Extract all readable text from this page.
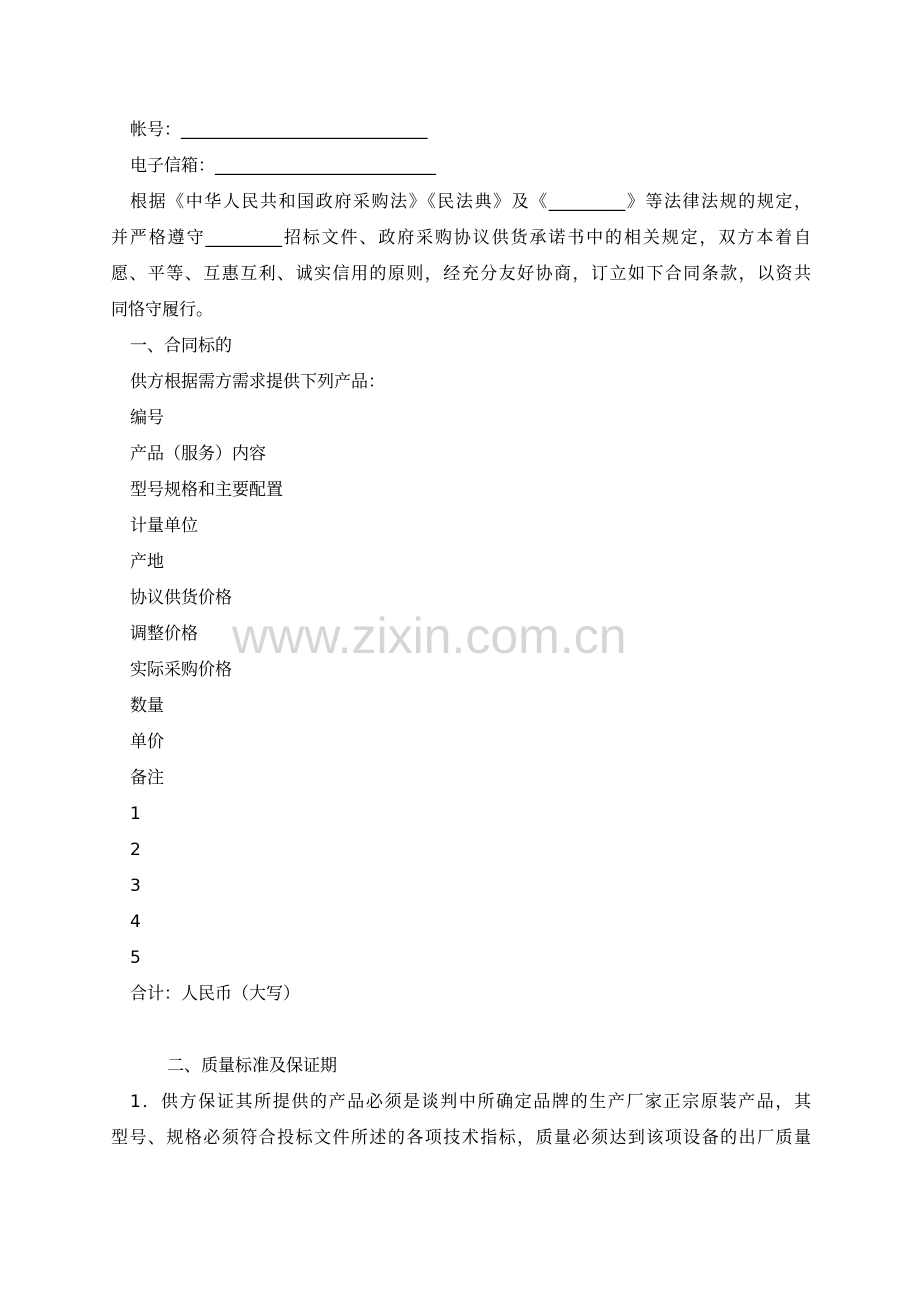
帐号：_____________________________
电子信箱：__________________________
根据《中华人民共和国政府采购法》《民法典》及《_________》等法律法规的规定，
并严格遵守_________招标文件、政府采购协议供货承诺书中的相关规定，双方本着自
愿、平等、互惠互利、诚实信用的原则，经充分友好协商，订立如下合同条款，以资共
同恪守履行。
一、合同标的
供方根据需方需求提供下列产品：
编号
产品（服务）内容
型号规格和主要配置
计量单位
产地
协议供货价格
调整价格
实际采购价格
数量
单价
备注
1
2
3
4
5
合计：人民币（大写）
二、质量标准及保证期
1．供方保证其所提供的产品必须是谈判中所确定品牌的生产厂家正宗原装产品，其
型号、规格必须符合投标文件所述的各项技术指标，质量必须达到该项设备的出厂质量
www.zixin.com.cn
